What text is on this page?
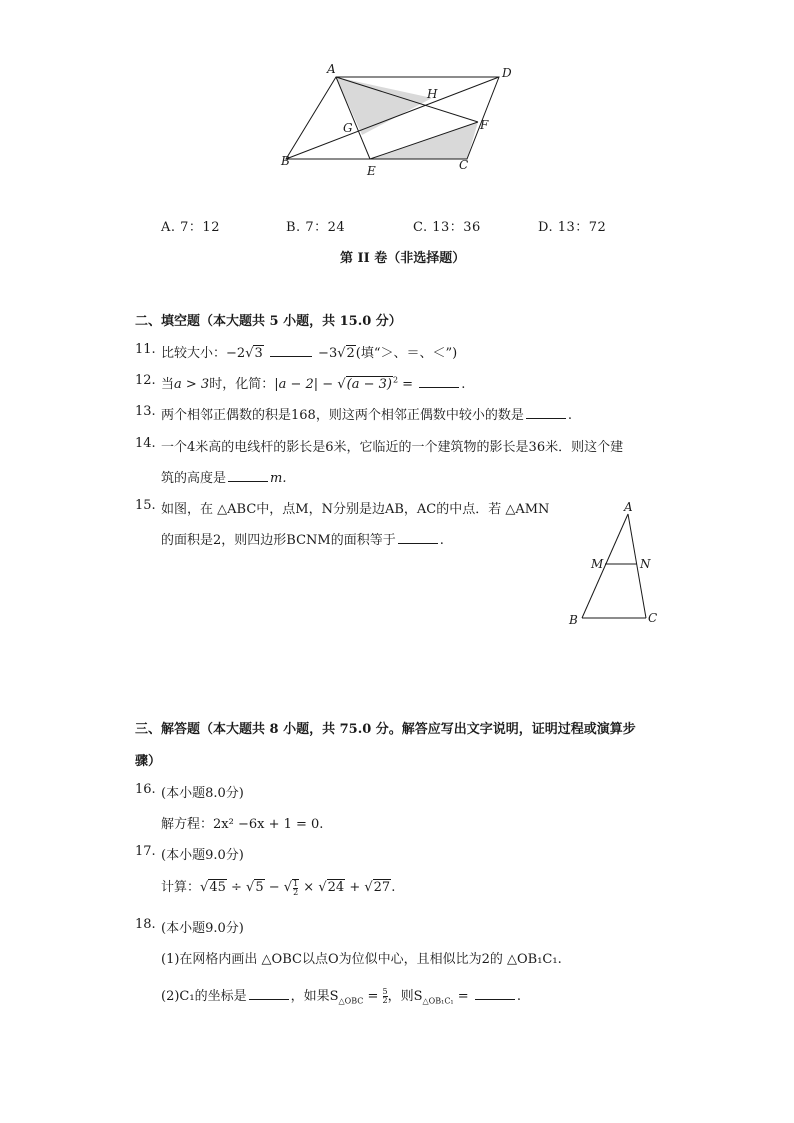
A	D
H
G	F
B
E	C
A. 7：12	B. 7：24	C. 13：36	D. 13：72
第 II 卷（非选择题）
二、填空题（本大题共 5 小题，共 15.0 分）
11. 比较大小：−2√3	−3√2(填“＞、＝、＜”)
12. 当a > 3时，化简：$|a - 2| - √(a - 3)^2$ =	.
13. 两个相邻正偶数的积是168，则这两个相邻正偶数中较小的数是	.
14. 一个4米高的电线杆的影长是6米，它临近的一个建筑物的影长是36米．则这个建
筑的高度是	m.
15. 如图，在 △ABC中，点M，N分别是边AB，AC的中点．若 △AMN
的面积是2，则四边形BCNM的面积等于	.
A
M	N
B	C
三、解答题（本大题共 8 小题，共 75.0 分。解答应写出文字说明，证明过程或演算步
骤）
16. (本小题8.0分)
解方程：2x² −6x + 1 = 0.
17. (本小题9.0分)
计算：√45 ÷ √5 − √ $\frac{1}{2} \times √24 + √27$.
18. (本小题9.0分)
(1)在网格内画出 △OBC以点O为位似中心，且相似比为2的 △OB₁C₁.
(2)C₁的坐标是	，如果$S_{\triangle OBC} = \frac{5}{2}$ ，则$S_{\triangle OB_1C_1}$ =	.
